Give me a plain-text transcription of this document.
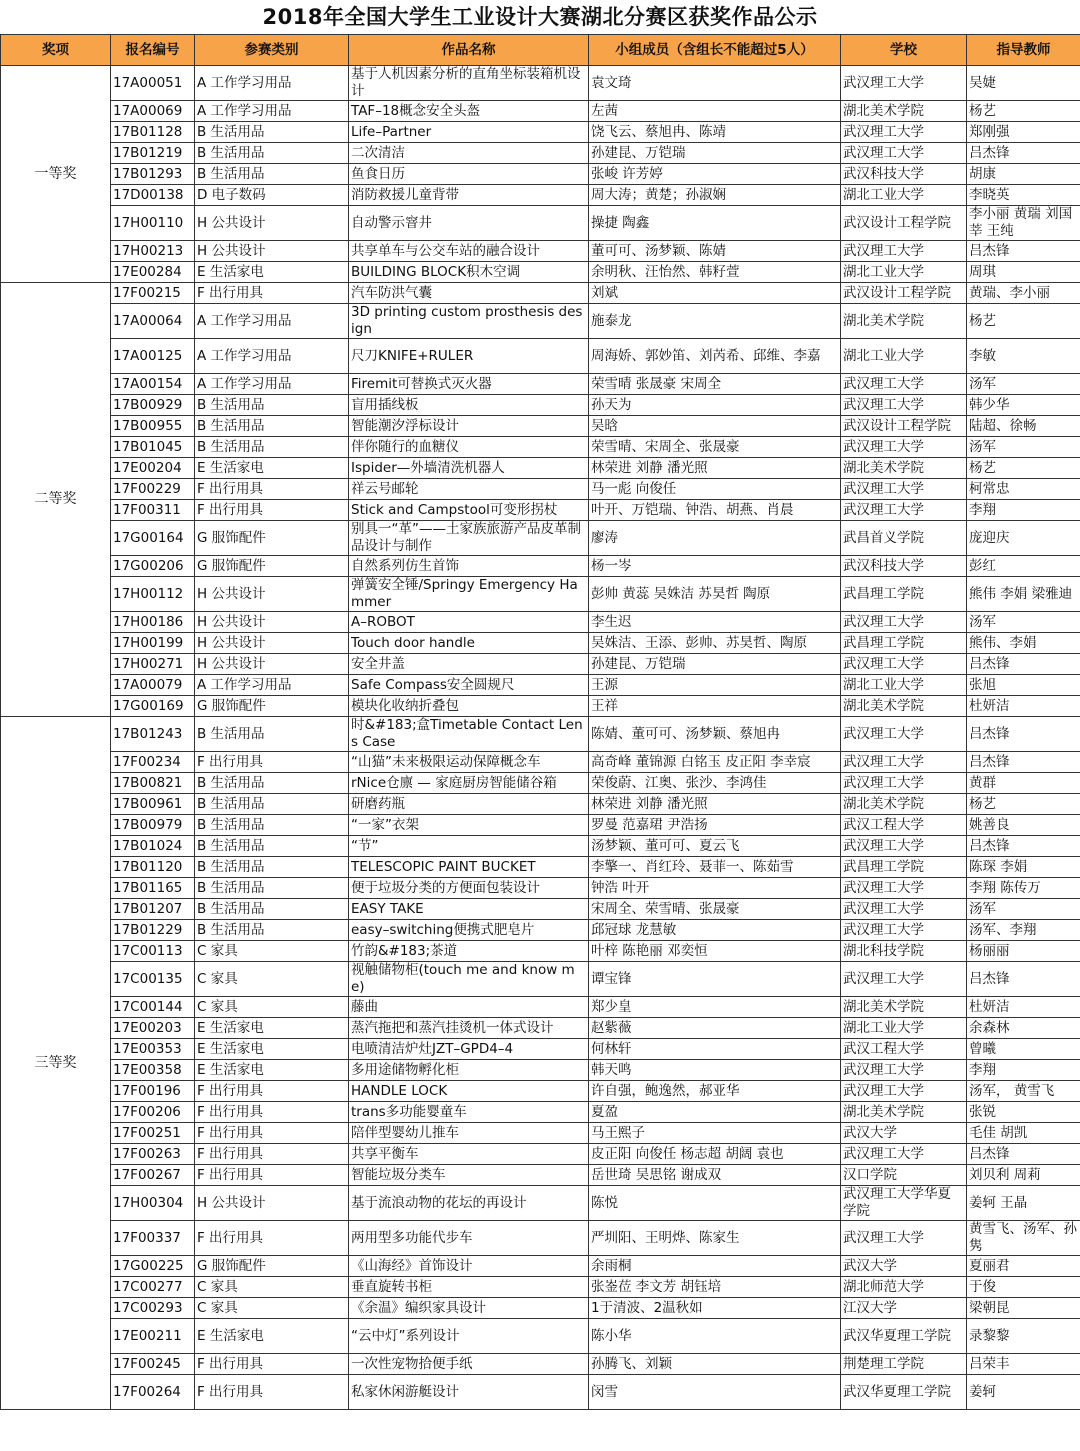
2018年全国大学生工业设计大赛湖北分赛区获奖作品公示
奖项	报名编号	参赛类别	作品名称	小组成员（含组长不能超过5人）	学校	指导教师
一等奖	17A00051	A 工作学习用品	基于人机因素分析的直角坐标装箱机设计	袁文琦	武汉理工大学	吴婕
	17A00069	A 工作学习用品	TAF–18概念安全头盔	左茜	湖北美术学院	杨艺
	17B01128	B 生活用品	Life–Partner	饶飞云、蔡旭冉、陈靖	武汉理工大学	郑刚强
	17B01219	B 生活用品	二次清洁	孙建昆、万铠瑞	武汉理工大学	吕杰锋
	17B01293	B 生活用品	鱼食日历	张峻 许芳婷	武汉科技大学	胡康
	17D00138	D 电子数码	消防救援儿童背带	周大涛；黄楚；孙淑娴	湖北工业大学	李晓英
	17H00110	H 公共设计	自动警示窨井	操捷 陶鑫	武汉设计工程学院	李小丽 黄瑞 刘国莘 王纯
	17H00213	H 公共设计	共享单车与公交车站的融合设计	董可可、汤梦颖、陈婧	武汉理工大学	吕杰锋
	17E00284	E 生活家电	BUILDING BLOCK积木空调	余明秋、汪怡然、韩籽萱	湖北工业大学	周琪
二等奖	17F00215	F 出行用具	汽车防洪气囊	刘斌	武汉设计工程学院	黄瑞、李小丽
	17A00064	A 工作学习用品	3D printing custom prosthesis design	施泰龙	湖北美术学院	杨艺
	17A00125	A 工作学习用品	尺刀KNIFE+RULER	周海娇、郭妙笛、刘芮希、邱维、李嘉	湖北工业大学	李敏
	17A00154	A 工作学习用品	Firemit可替换式灭火器	荣雪晴 张晟豪 宋周全	武汉理工大学	汤军
	17B00929	B 生活用品	盲用插线板	孙天为	武汉理工大学	韩少华
	17B00955	B 生活用品	智能潮汐浮标设计	吴晗	武汉设计工程学院	陆超、徐畅
	17B01045	B 生活用品	伴你随行的血糖仪	荣雪晴、宋周全、张晟豪	武汉理工大学	汤军
	17E00204	E 生活家电	Ispider—外墙清洗机器人	林荣进 刘静 潘光照	湖北美术学院	杨艺
	17F00229	F 出行用具	祥云号邮轮	马一彪 向俊任	武汉理工大学	柯常忠
	17F00311	F 出行用具	Stick and Campstool可变形拐杖	叶开、万铠瑞、钟浩、胡燕、肖晨	武汉理工大学	李翔
	17G00164	G 服饰配件	别具一“革”——土家族旅游产品皮革制品设计与制作	廖涛	武昌首义学院	庞迎庆
	17G00206	G 服饰配件	自然系列仿生首饰	杨一岑	武汉科技大学	彭红
	17H00112	H 公共设计	弹簧安全锤/Springy Emergency Hammer	彭帅 黄蕊 吴姝洁 苏昊哲 陶原	武昌理工学院	熊伟 李娟 梁雅迪
	17H00186	H 公共设计	A–ROBOT	李生迟	武汉理工大学	汤军
	17H00199	H 公共设计	Touch door handle	吴姝洁、王添、彭帅、苏昊哲、陶原	武昌理工学院	熊伟、李娟
	17H00271	H 公共设计	安全井盖	孙建昆、万铠瑞	武汉理工大学	吕杰锋
	17A00079	A 工作学习用品	Safe Compass安全圆规尺	王源	湖北工业大学	张旭
	17G00169	G 服饰配件	模块化收纳折叠包	王祥	湖北美术学院	杜妍洁
三等奖	17B01243	B 生活用品	时&#183;盒Timetable Contact Lens Case	陈婧、董可可、汤梦颖、蔡旭冉	武汉理工大学	吕杰锋
	17F00234	F 出行用具	“山猫”未来极限运动保障概念车	高奇峰 董锦源 白铭玉 皮正阳 李幸宸	武汉理工大学	吕杰锋
	17B00821	B 生活用品	rNice仓廪 — 家庭厨房智能储谷箱	荣俊蔚、江奥、张沙、李鸿佳	武汉理工大学	黄群
	17B00961	B 生活用品	研磨药瓶	林荣进 刘静 潘光照	湖北美术学院	杨艺
	17B00979	B 生活用品	“一家”衣架	罗曼 范嘉珺 尹浩扬	武汉工程大学	姚善良
	17B01024	B 生活用品	“节”	汤梦颖、董可可、夏云飞	武汉理工大学	吕杰锋
	17B01120	B 生活用品	TELESCOPIC PAINT BUCKET	李擎一、肖红玲、聂菲一、陈茹雪	武昌理工学院	陈琛 李娟
	17B01165	B 生活用品	便于垃圾分类的方便面包装设计	钟浩 叶开	武汉理工大学	李翔 陈传万
	17B01207	B 生活用品	EASY TAKE	宋周全、荣雪晴、张晟豪	武汉理工大学	汤军
	17B01229	B 生活用品	easy–switching便携式肥皂片	邱冠球 龙慧敏	武汉理工大学	汤军、李翔
	17C00113	C 家具	竹韵&#183;茶道	叶梓 陈艳丽 邓奕恒	湖北科技学院	杨丽丽
	17C00135	C 家具	视触储物柜(touch me and know me)	谭宝锋	武汉理工大学	吕杰锋
	17C00144	C 家具	藤曲	郑少皇	湖北美术学院	杜妍洁
	17E00203	E 生活家电	蒸汽拖把和蒸汽挂烫机一体式设计	赵紫薇	湖北工业大学	余森林
	17E00353	E 生活家电	电喷清洁炉灶JZT–GPD4–4	何林轩	武汉工程大学	曾曦
	17E00358	E 生活家电	多用途储物孵化柜	韩天鸣	武汉理工大学	李翔
	17F00196	F 出行用具	HANDLE LOCK	许自强，鲍逸然，郝亚华	武汉理工大学	汤军， 黄雪飞
	17F00206	F 出行用具	trans多功能婴童车	夏盈	湖北美术学院	张锐
	17F00251	F 出行用具	陪伴型婴幼儿推车	马王熙子	武汉大学	毛佳 胡凯
	17F00263	F 出行用具	共享平衡车	皮正阳 向俊任 杨志超 胡阔 袁也	武汉理工大学	吕杰锋
	17F00267	F 出行用具	智能垃圾分类车	岳世琦 吴思铭 谢成双	汉口学院	刘贝利 周莉
	17H00304	H 公共设计	基于流浪动物的花坛的再设计	陈悦	武汉理工大学华夏学院	姜轲 王晶
	17F00337	F 出行用具	两用型多功能代步车	严圳阳、王明烨、陈家生	武汉理工大学	黄雪飞、汤军、孙隽
	17G00225	G 服饰配件	《山海经》首饰设计	余雨桐	武汉大学	夏丽君
	17C00277	C 家具	垂直旋转书柜	张崟莅 李文芳 胡钰培	湖北师范大学	于俊
	17C00293	C 家具	《余温》编织家具设计	1于清波、2温秋如	江汉大学	梁朝昆
	17E00211	E 生活家电	“云中灯”系列设计	陈小华	武汉华夏理工学院	录黎黎
	17F00245	F 出行用具	一次性宠物拾便手纸	孙腾飞、刘颖	荆楚理工学院	吕荣丰
	17F00264	F 出行用具	私家休闲游艇设计	闵雪	武汉华夏理工学院	姜轲
